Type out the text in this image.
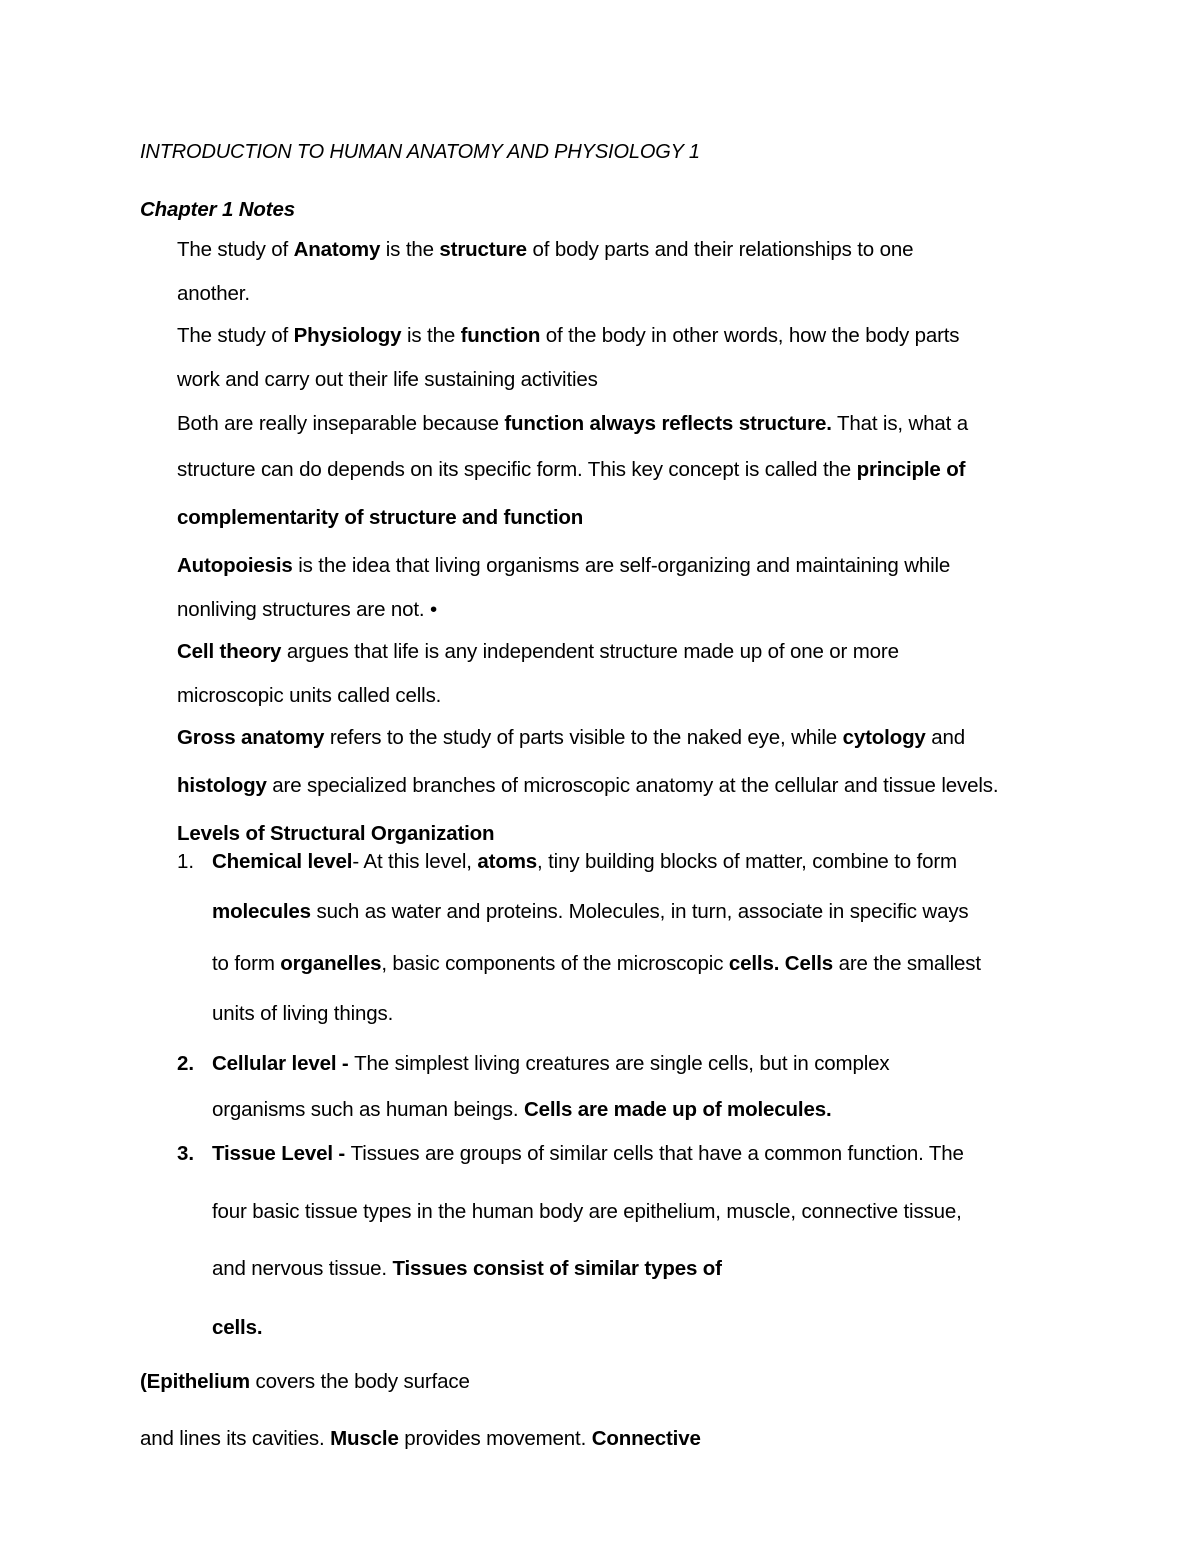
INTRODUCTION TO HUMAN ANATOMY AND PHYSIOLOGY 1
Chapter 1 Notes
The study of Anatomy is the structure of body parts and their relationships to one
another.
The study of Physiology is the function of the body in other words, how the body parts
work and carry out their life sustaining activities
Both are really inseparable because function always reflects structure. That is, what a
structure can do depends on its specific form. This key concept is called the principle of
complementarity of structure and function
Autopoiesis is the idea that living organisms are self-organizing and maintaining while
nonliving structures are not. •
Cell theory argues that life is any independent structure made up of one or more
microscopic units called cells.
Gross anatomy refers to the study of parts visible to the naked eye, while cytology and
histology are specialized branches of microscopic anatomy at the cellular and tissue levels.
Levels of Structural Organization
1. Chemical level- At this level, atoms, tiny building blocks of matter, combine to form
molecules such as water and proteins. Molecules, in turn, associate in specific ways
to form organelles, basic components of the microscopic cells. Cells are the smallest
units of living things.
2. Cellular level - The simplest living creatures are single cells, but in complex
organisms such as human beings. Cells are made up of molecules.
3. Tissue Level - Tissues are groups of similar cells that have a common function. The
four basic tissue types in the human body are epithelium, muscle, connective tissue,
and nervous tissue. Tissues consist of similar types of
cells.
(Epithelium covers the body surface
and lines its cavities. Muscle provides movement. Connective
